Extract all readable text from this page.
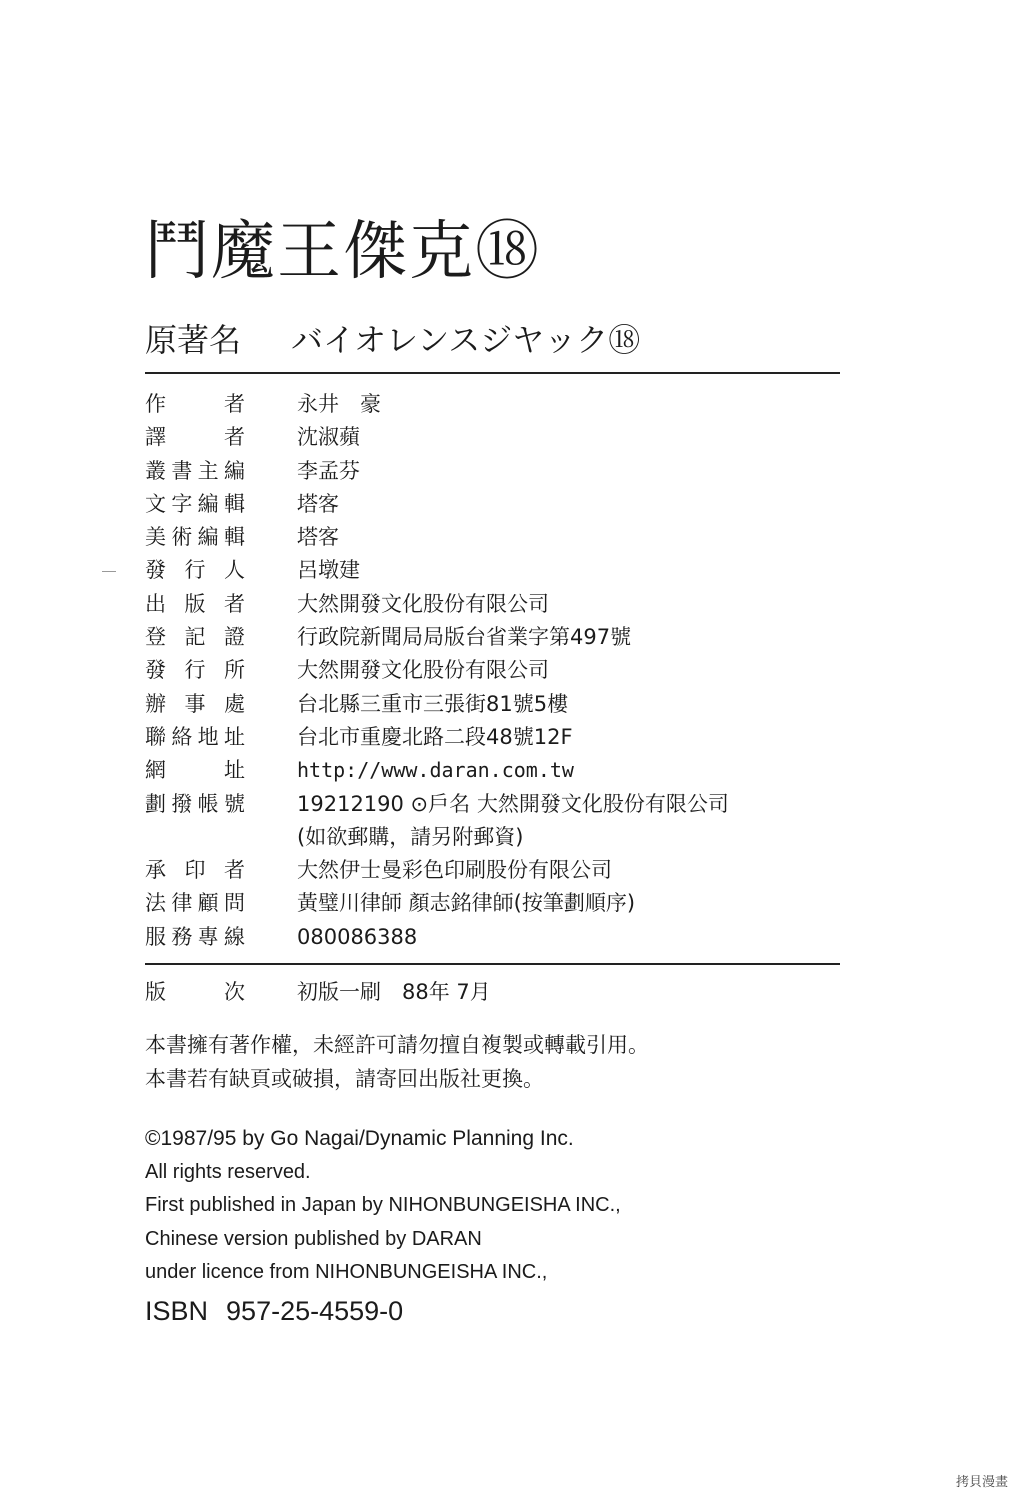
鬥魔王傑克⑱
原著名 バイオレンスジヤック⑱
作　者 永井　豪
譯　者 沈淑蘋
叢書主編 李孟芬
文字編輯 塔客
美術編輯 塔客
發行人 呂墩建
出版者 大然開發文化股份有限公司
登記證 行政院新聞局局版台省業字第497號
發行所 大然開發文化股份有限公司
辦事處 台北縣三重市三張街81號5樓
聯絡地址 台北市重慶北路二段48號12F
網　址	http://www.daran.com.tw
劃撥帳號 19212190 ⊙戶名 大然開發文化股份有限公司
(如欲郵購，請另附郵資)
承印者 大然伊士曼彩色印刷股份有限公司
法律顧問 黃璧川律師 顏志銘律師(按筆劃順序)
服務專線 080086388
版　次 初版一刷　88年 7月
本書擁有著作權，未經許可請勿擅自複製或轉載引用。
本書若有缺頁或破損，請寄回出版社更換。
©1987/95 by Go Nagai/Dynamic Planning Inc.
All rights reserved.
First published in Japan by NIHONBUNGEISHA INC.,
Chinese version published by DARAN
under licence from NIHONBUNGEISHA INC.,
ISBN 957-25-4559-0
拷貝漫畫
